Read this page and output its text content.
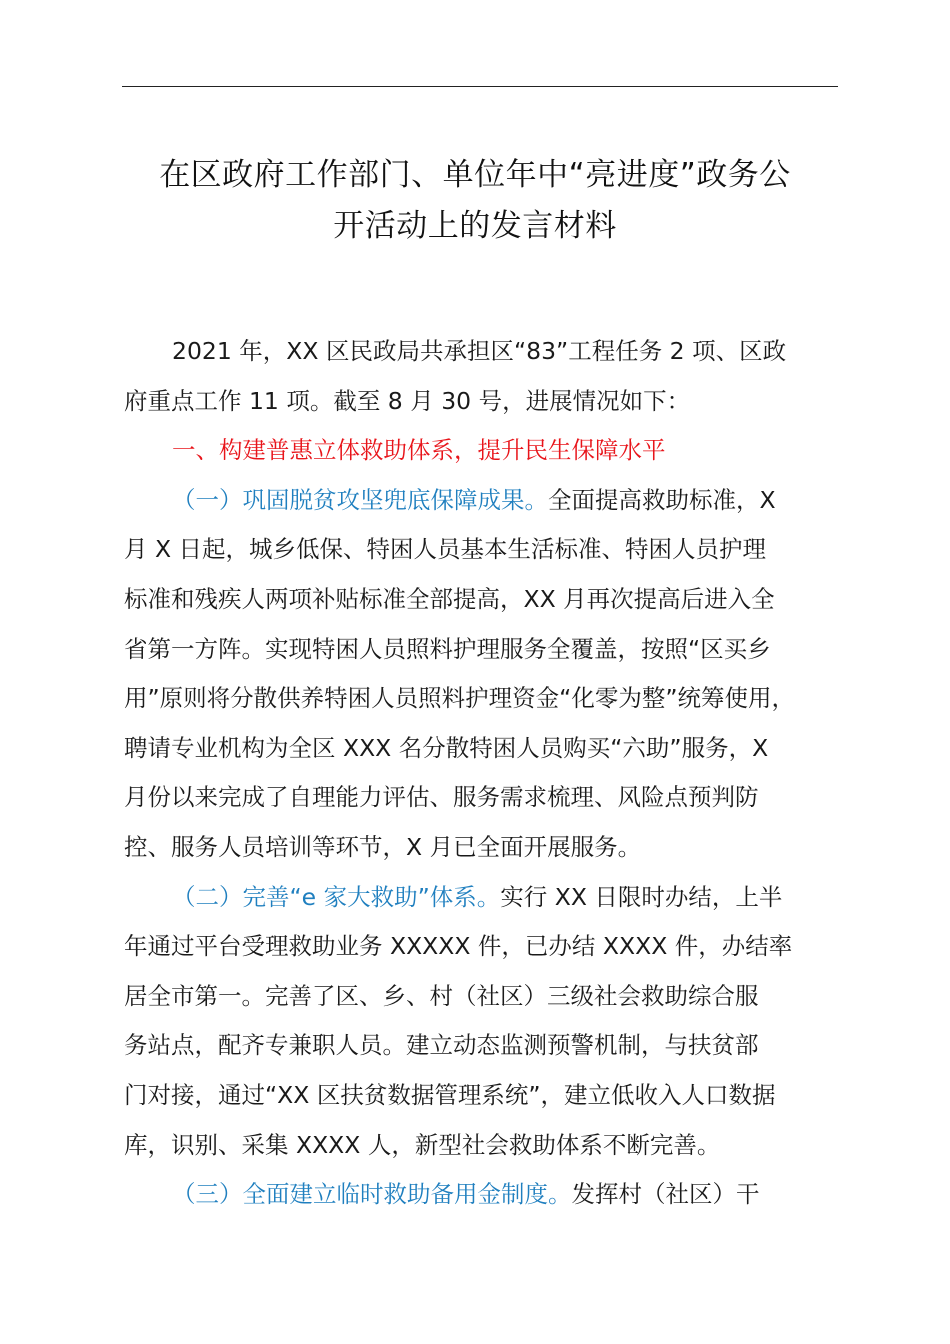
在区政府工作部门、单位年中“亮进度”政务公
开活动上的发言材料
2021 年，XX 区民政局共承担区“83”工程任务 2 项、区政
府重点工作 11 项。截至 8 月 30 号，进展情况如下：
一、构建普惠立体救助体系，提升民生保障水平
（一）巩固脱贫攻坚兜底保障成果。全面提高救助标准，X
月 X 日起，城乡低保、特困人员基本生活标准、特困人员护理
标准和残疾人两项补贴标准全部提高，XX 月再次提高后进入全
省第一方阵。实现特困人员照料护理服务全覆盖，按照“区买乡
用”原则将分散供养特困人员照料护理资金“化零为整”统筹使用，
聘请专业机构为全区 XXX 名分散特困人员购买“六助”服务，X
月份以来完成了自理能力评估、服务需求梳理、风险点预判防
控、服务人员培训等环节，X 月已全面开展服务。
（二）完善“e 家大救助”体系。实行 XX 日限时办结，上半
年通过平台受理救助业务 XXXXX 件，已办结 XXXX 件，办结率
居全市第一。完善了区、乡、村（社区）三级社会救助综合服
务站点，配齐专兼职人员。建立动态监测预警机制，与扶贫部
门对接，通过“XX 区扶贫数据管理系统”，建立低收入人口数据
库，识别、采集 XXXX 人，新型社会救助体系不断完善。
（三）全面建立临时救助备用金制度。发挥村（社区）干
